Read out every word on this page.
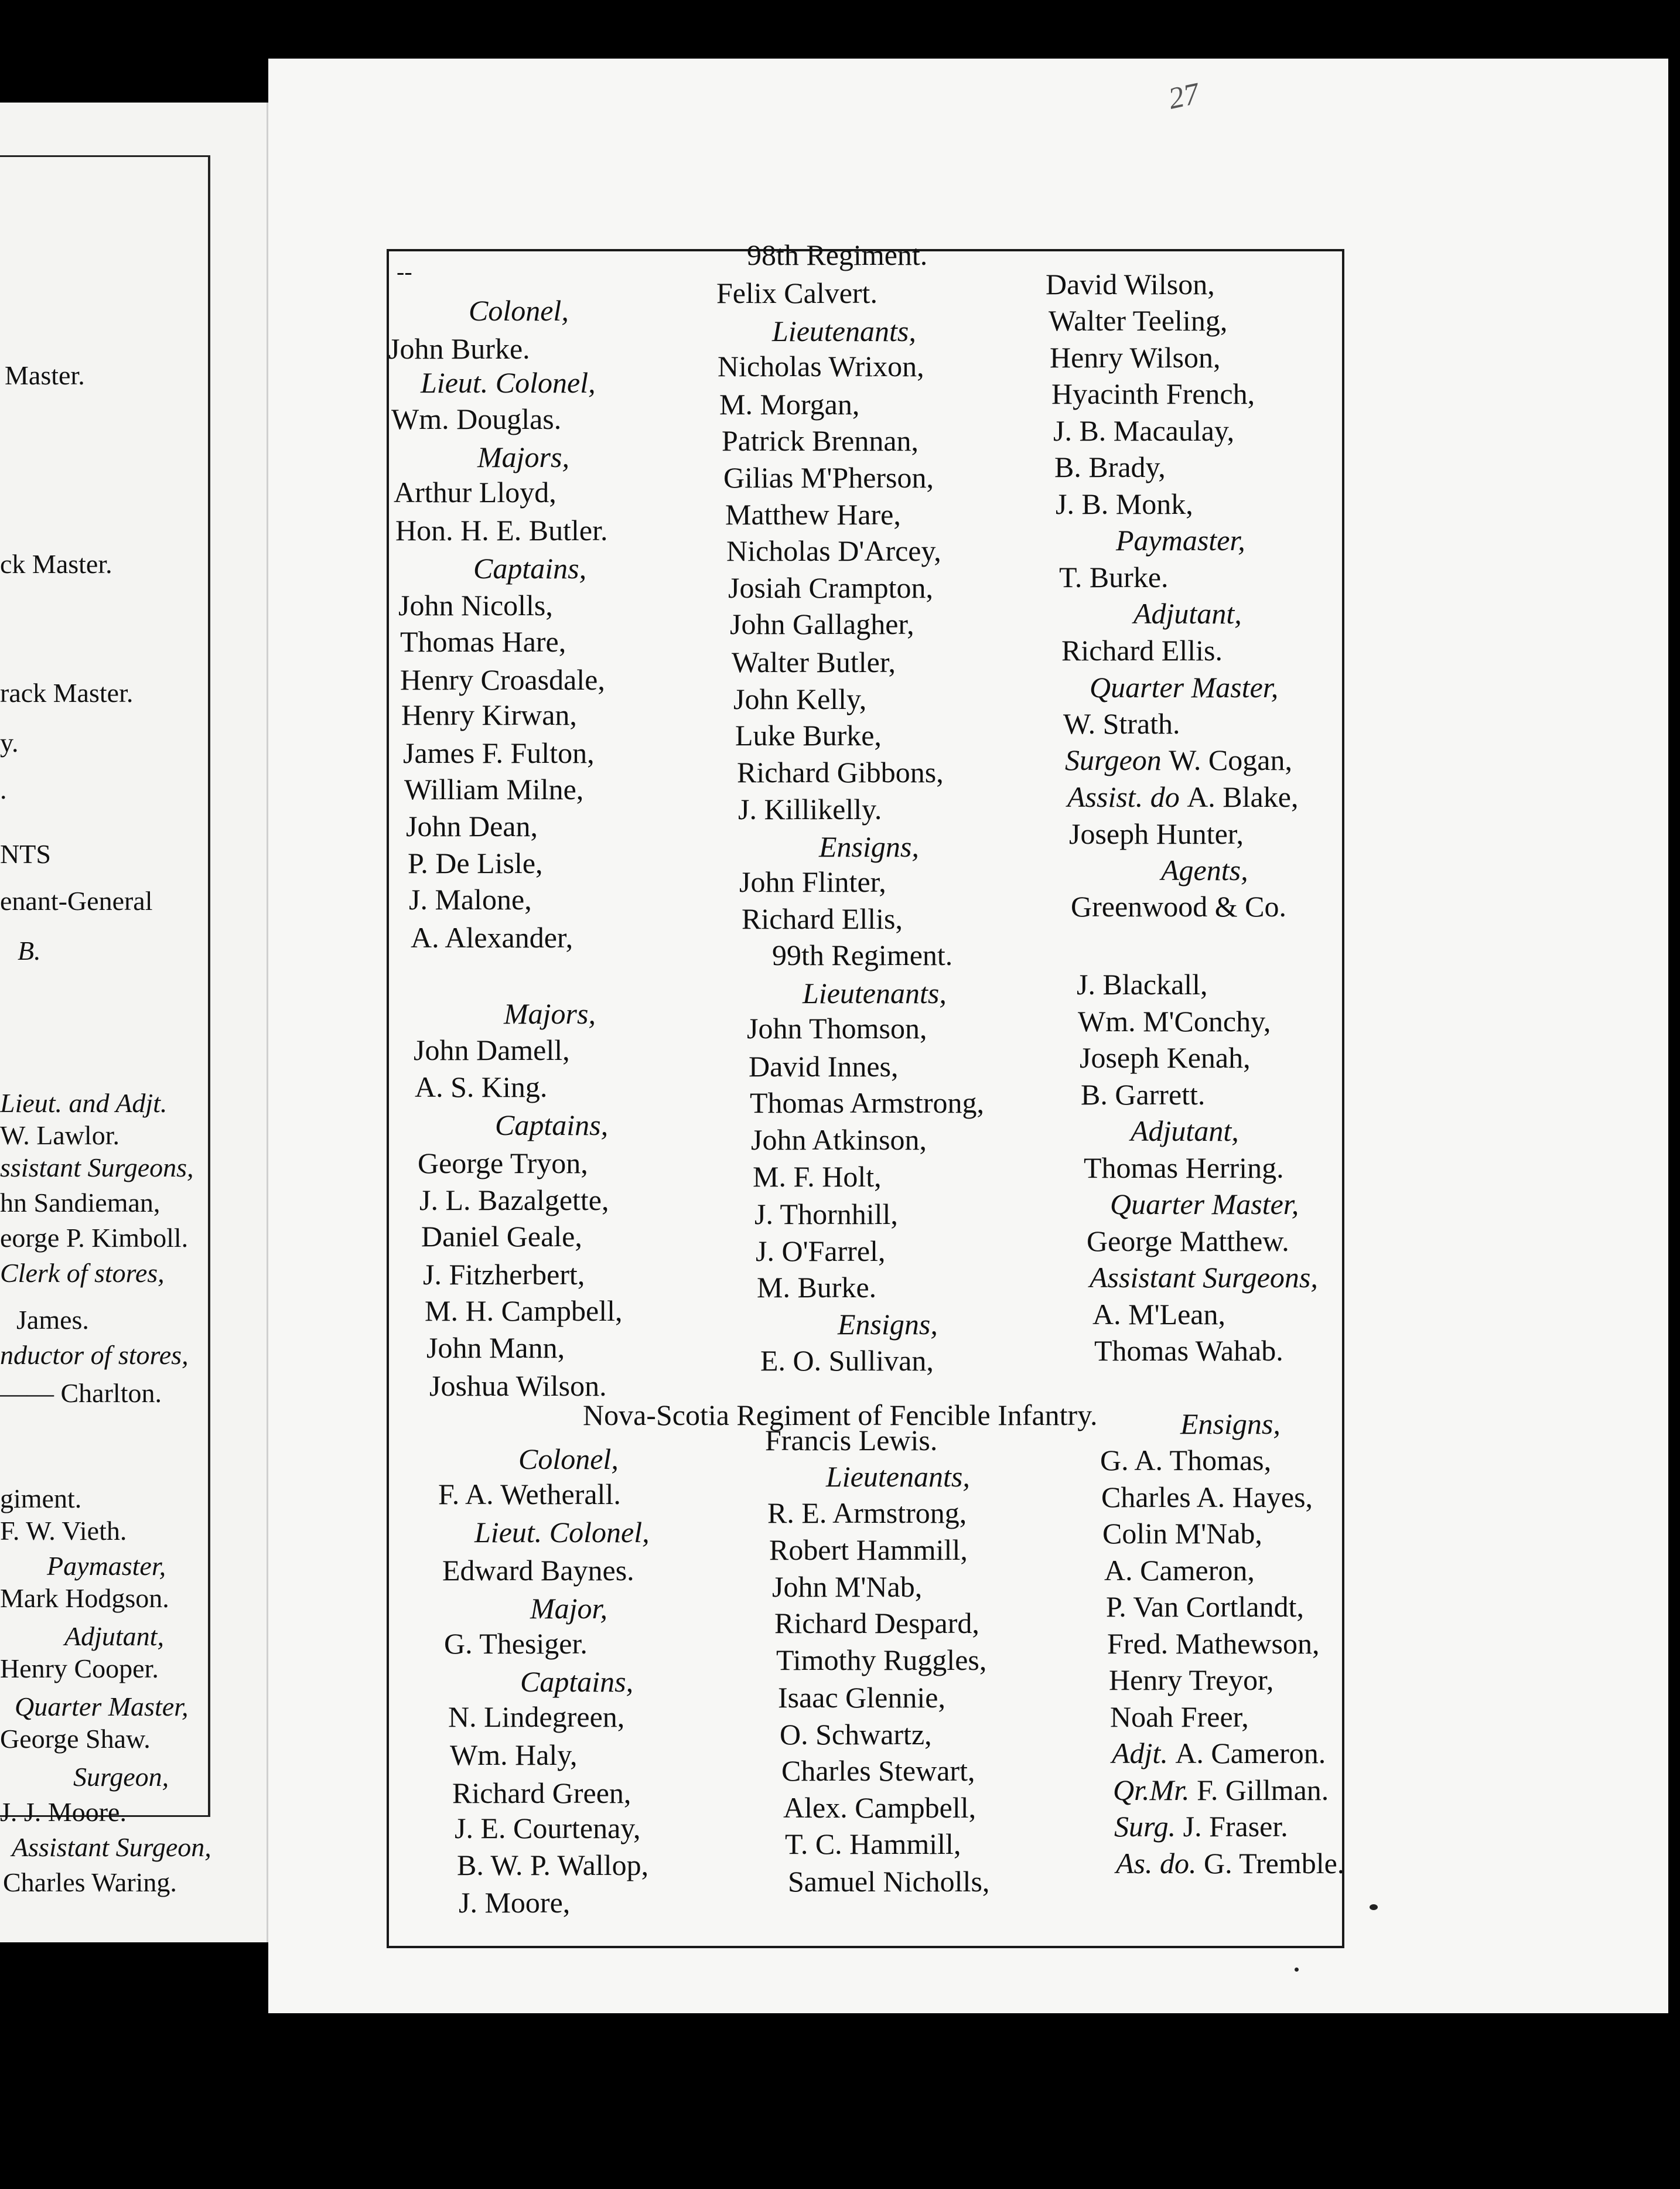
Master.
ck Master.
rack Master.
y.
.
NTS
enant-General
B.
Lieut. and Adjt.
W. Lawlor.
ssistant Surgeons,
hn Sandieman,
eorge P. Kimboll.
Clerk of stores,
James.
nductor of stores,
—— Charlton.
giment.
F. W. Vieth.
Paymaster,
Mark Hodgson.
Adjutant,
Henry Cooper.
Quarter Master,
George Shaw.
Surgeon,
J. J. Moore.
Assistant Surgeon,
Charles Waring.
27
--
Colonel,
John Burke.
Lieut. Colonel,
Wm. Douglas.
Majors,
Arthur Lloyd,
Hon. H. E. Butler.
Captains,
John Nicolls,
Thomas Hare,
Henry Croasdale,
Henry Kirwan,
James F. Fulton,
William Milne,
John Dean,
P. De Lisle,
J. Malone,
A. Alexander,
Majors,
John Damell,
A. S. King.
Captains,
George Tryon,
J. L. Bazalgette,
Daniel Geale,
J. Fitzherbert,
M. H. Campbell,
John Mann,
Joshua Wilson.
Colonel,
F. A. Wetherall.
Lieut. Colonel,
Edward Baynes.
Major,
G. Thesiger.
Captains,
N. Lindegreen,
Wm. Haly,
Richard Green,
J. E. Courtenay,
B. W. P. Wallop,
J. Moore,
98th Regiment.
Felix Calvert.
Lieutenants,
Nicholas Wrixon,
M. Morgan,
Patrick Brennan,
Gilias M'Pherson,
Matthew Hare,
Nicholas D'Arcey,
Josiah Crampton,
John Gallagher,
Walter Butler,
John Kelly,
Luke Burke,
Richard Gibbons,
J. Killikelly.
Ensigns,
John Flinter,
Richard Ellis,
99th Regiment.
Lieutenants,
John Thomson,
David Innes,
Thomas Armstrong,
John Atkinson,
M. F. Holt,
J. Thornhill,
J. O'Farrel,
M. Burke.
Ensigns,
E. O. Sullivan,
Francis Lewis.
Lieutenants,
R. E. Armstrong,
Robert Hammill,
John M'Nab,
Richard Despard,
Timothy Ruggles,
Isaac Glennie,
O. Schwartz,
Charles Stewart,
Alex. Campbell,
T. C. Hammill,
Samuel Nicholls,
David Wilson,
Walter Teeling,
Henry Wilson,
Hyacinth French,
J. B. Macaulay,
B. Brady,
J. B. Monk,
Paymaster,
T. Burke.
Adjutant,
Richard Ellis.
Quarter Master,
W. Strath.
Surgeon W. Cogan,
Assist. do A. Blake,
Joseph Hunter,
Agents,
Greenwood & Co.
J. Blackall,
Wm. M'Conchy,
Joseph Kenah,
B. Garrett.
Adjutant,
Thomas Herring.
Quarter Master,
George Matthew.
Assistant Surgeons,
A. M'Lean,
Thomas Wahab.
Ensigns,
G. A. Thomas,
Charles A. Hayes,
Colin M'Nab,
A. Cameron,
P. Van Cortlandt,
Fred. Mathewson,
Henry Treyor,
Noah Freer,
Adjt. A. Cameron.
Qr.Mr. F. Gillman.
Surg. J. Fraser.
As. do. G. Tremble.
Nova-Scotia Regiment of Fencible Infantry.
